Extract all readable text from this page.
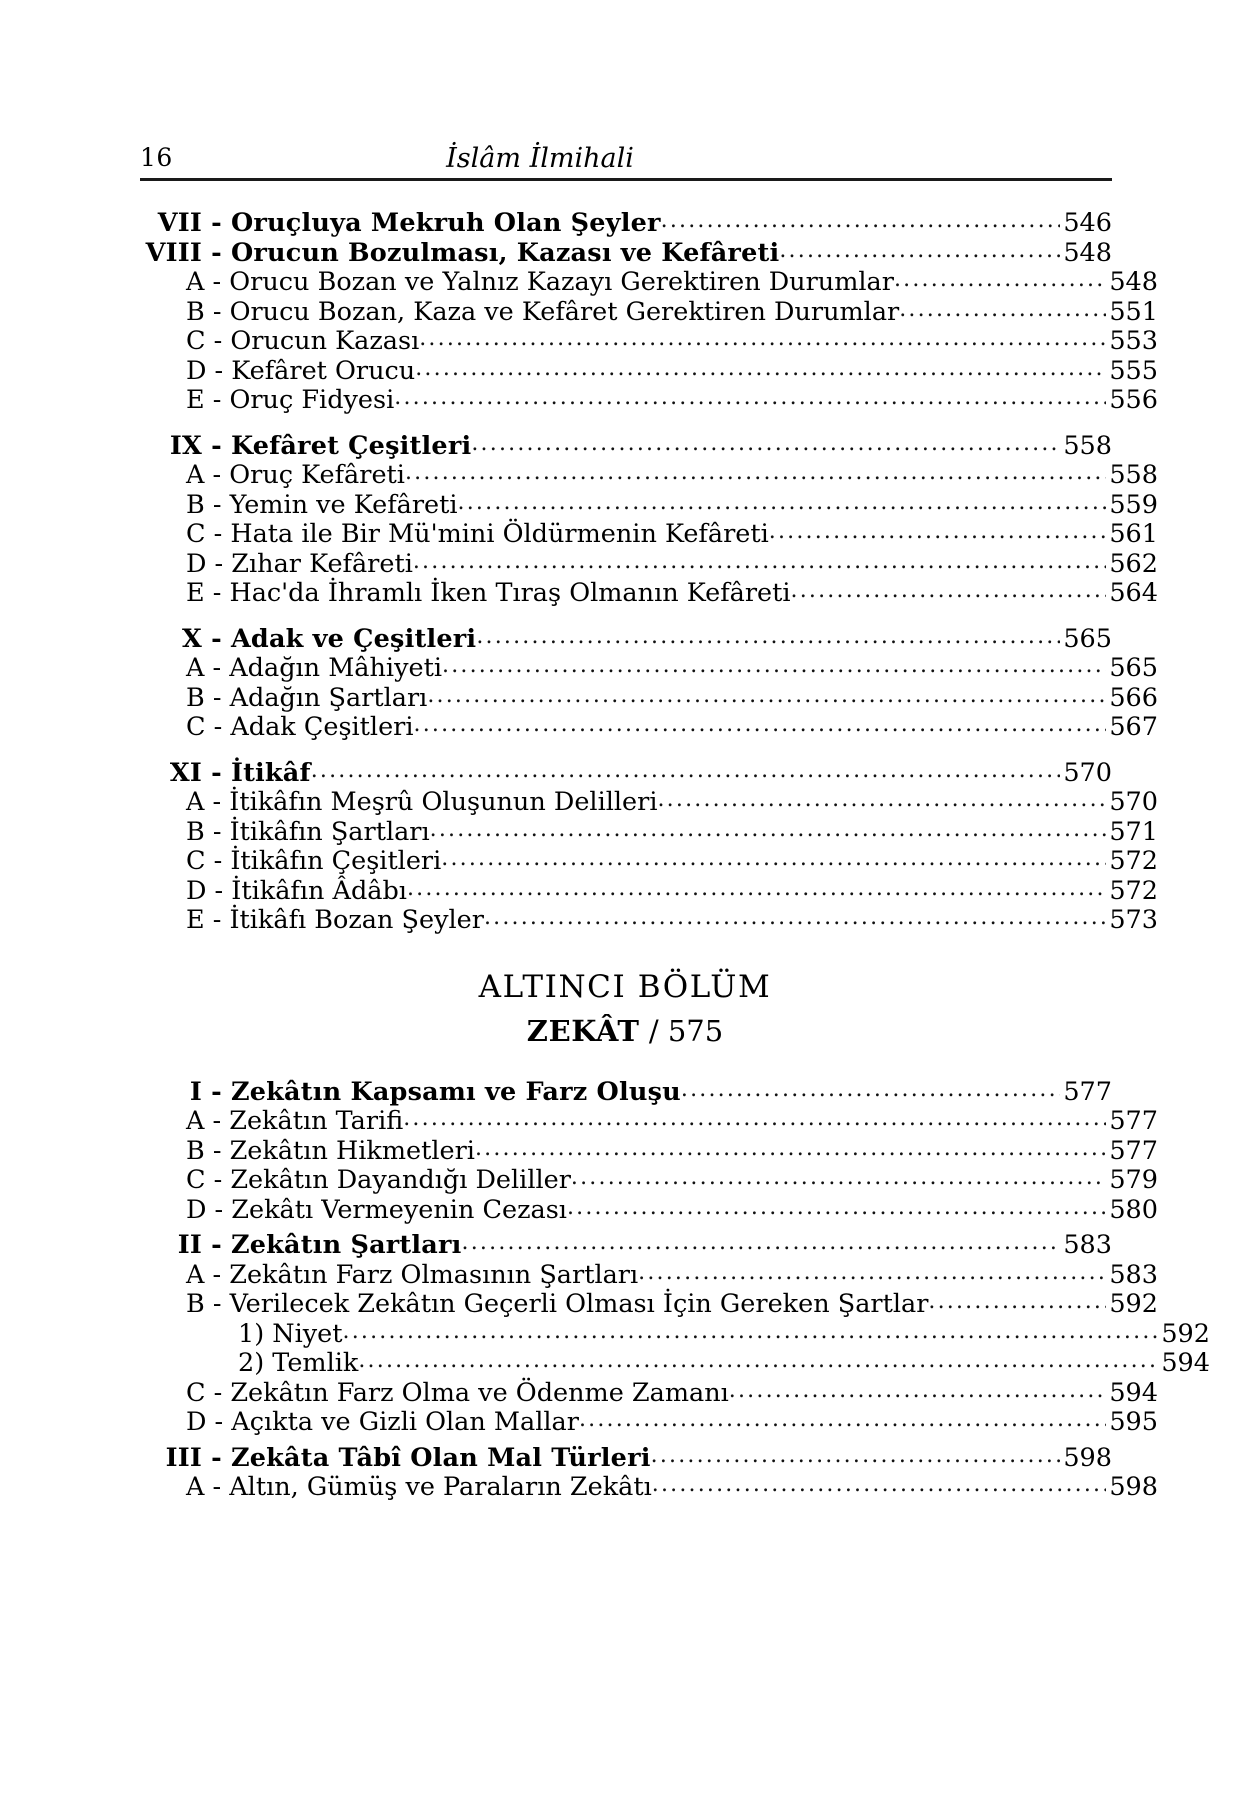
16	İslâm İlmihali
VII - Oruçluya Mekruh Olan Şeyler .....	546
VIII - Orucun Bozulması, Kazası ve Kefâreti .....	548
A - Orucu Bozan ve Yalnız Kazayı Gerektiren Durumlar .....	548
B - Orucu Bozan, Kaza ve Kefâret Gerektiren Durumlar .....	551
C - Orucun Kazası .....	553
D - Kefâret Orucu .....	555
E - Oruç Fidyesi .....	556
IX - Kefâret Çeşitleri .....	558
A - Oruç Kefâreti .....	558
B - Yemin ve Kefâreti .....	559
C - Hata ile Bir Mü'mini Öldürmenin Kefâreti .....	561
D - Zıhar Kefâreti .....	562
E - Hac'da İhramlı İken Tıraş Olmanın Kefâreti .....	564
X - Adak ve Çeşitleri .....	565
A - Adağın Mâhiyeti .....	565
B - Adağın Şartları .....	566
C - Adak Çeşitleri .....	567
XI - İtikâf .....	570
A - İtikâfın Meşrû Oluşunun Delilleri .....	570
B - İtikâfın Şartları .....	571
C - İtikâfın Çeşitleri .....	572
D - İtikâfın Âdâbı .....	572
E - İtikâfı Bozan Şeyler .....	573
ALTINCI BÖLÜM
ZEKÂT / 575
I - Zekâtın Kapsamı ve Farz Oluşu .....	577
A - Zekâtın Tarifi .....	577
B - Zekâtın Hikmetleri .....	577
C - Zekâtın Dayandığı Deliller .....	579
D - Zekâtı Vermeyenin Cezası .....	580
II - Zekâtın Şartları .....	583
A - Zekâtın Farz Olmasının Şartları .....	583
B - Verilecek Zekâtın Geçerli Olması İçin Gereken Şartlar .....	592
1) Niyet .....	592
2) Temlik .....	594
C - Zekâtın Farz Olma ve Ödenme Zamanı .....	594
D - Açıkta ve Gizli Olan Mallar .....	595
III - Zekâta Tâbî Olan Mal Türleri .....	598
A - Altın, Gümüş ve Paraların Zekâtı .....	598
